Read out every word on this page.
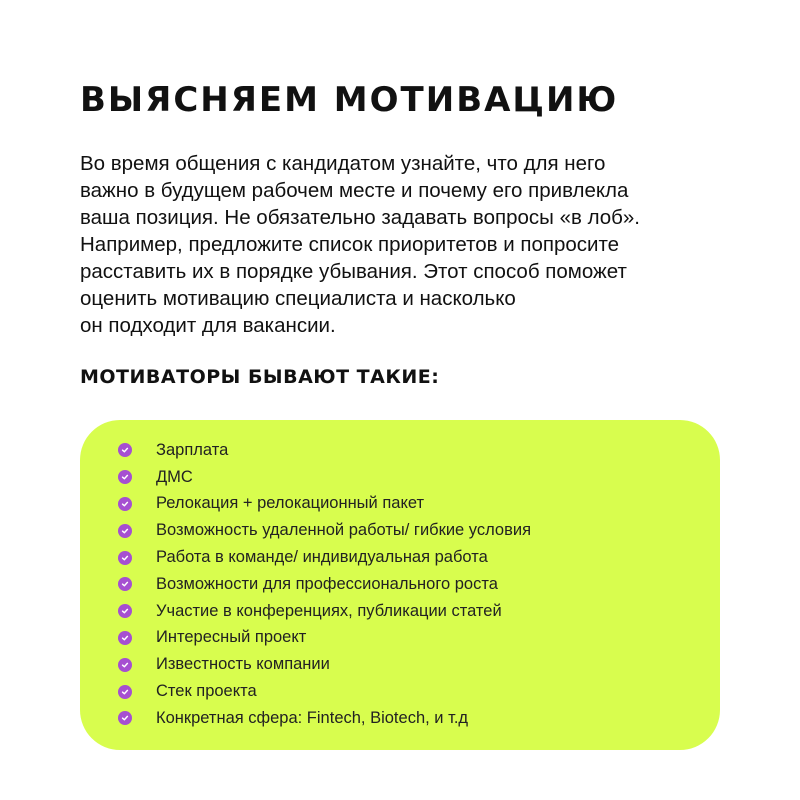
ВЫЯСНЯЕМ МОТИВАЦИЮ
Во время общения с кандидатом узнайте, что для него
важно в будущем рабочем месте и почему его привлекла
ваша позиция. Не обязательно задавать вопросы «в лоб».
Например, предложите список приоритетов и попросите
расставить их в порядке убывания. Этот способ поможет
оценить мотивацию специалиста и насколько
он подходит для вакансии.
МОТИВАТОРЫ БЫВАЮТ ТАКИЕ:
Зарплата
ДМС
Релокация + релокационный пакет
Возможность удаленной работы/ гибкие условия
Работа в команде/ индивидуальная работа
Возможности для профессионального роста
Участие в конференциях, публикации статей
Интересный проект
Известность компании
Стек проекта
Конкретная сфера: Fintech, Biotech, и т.д
